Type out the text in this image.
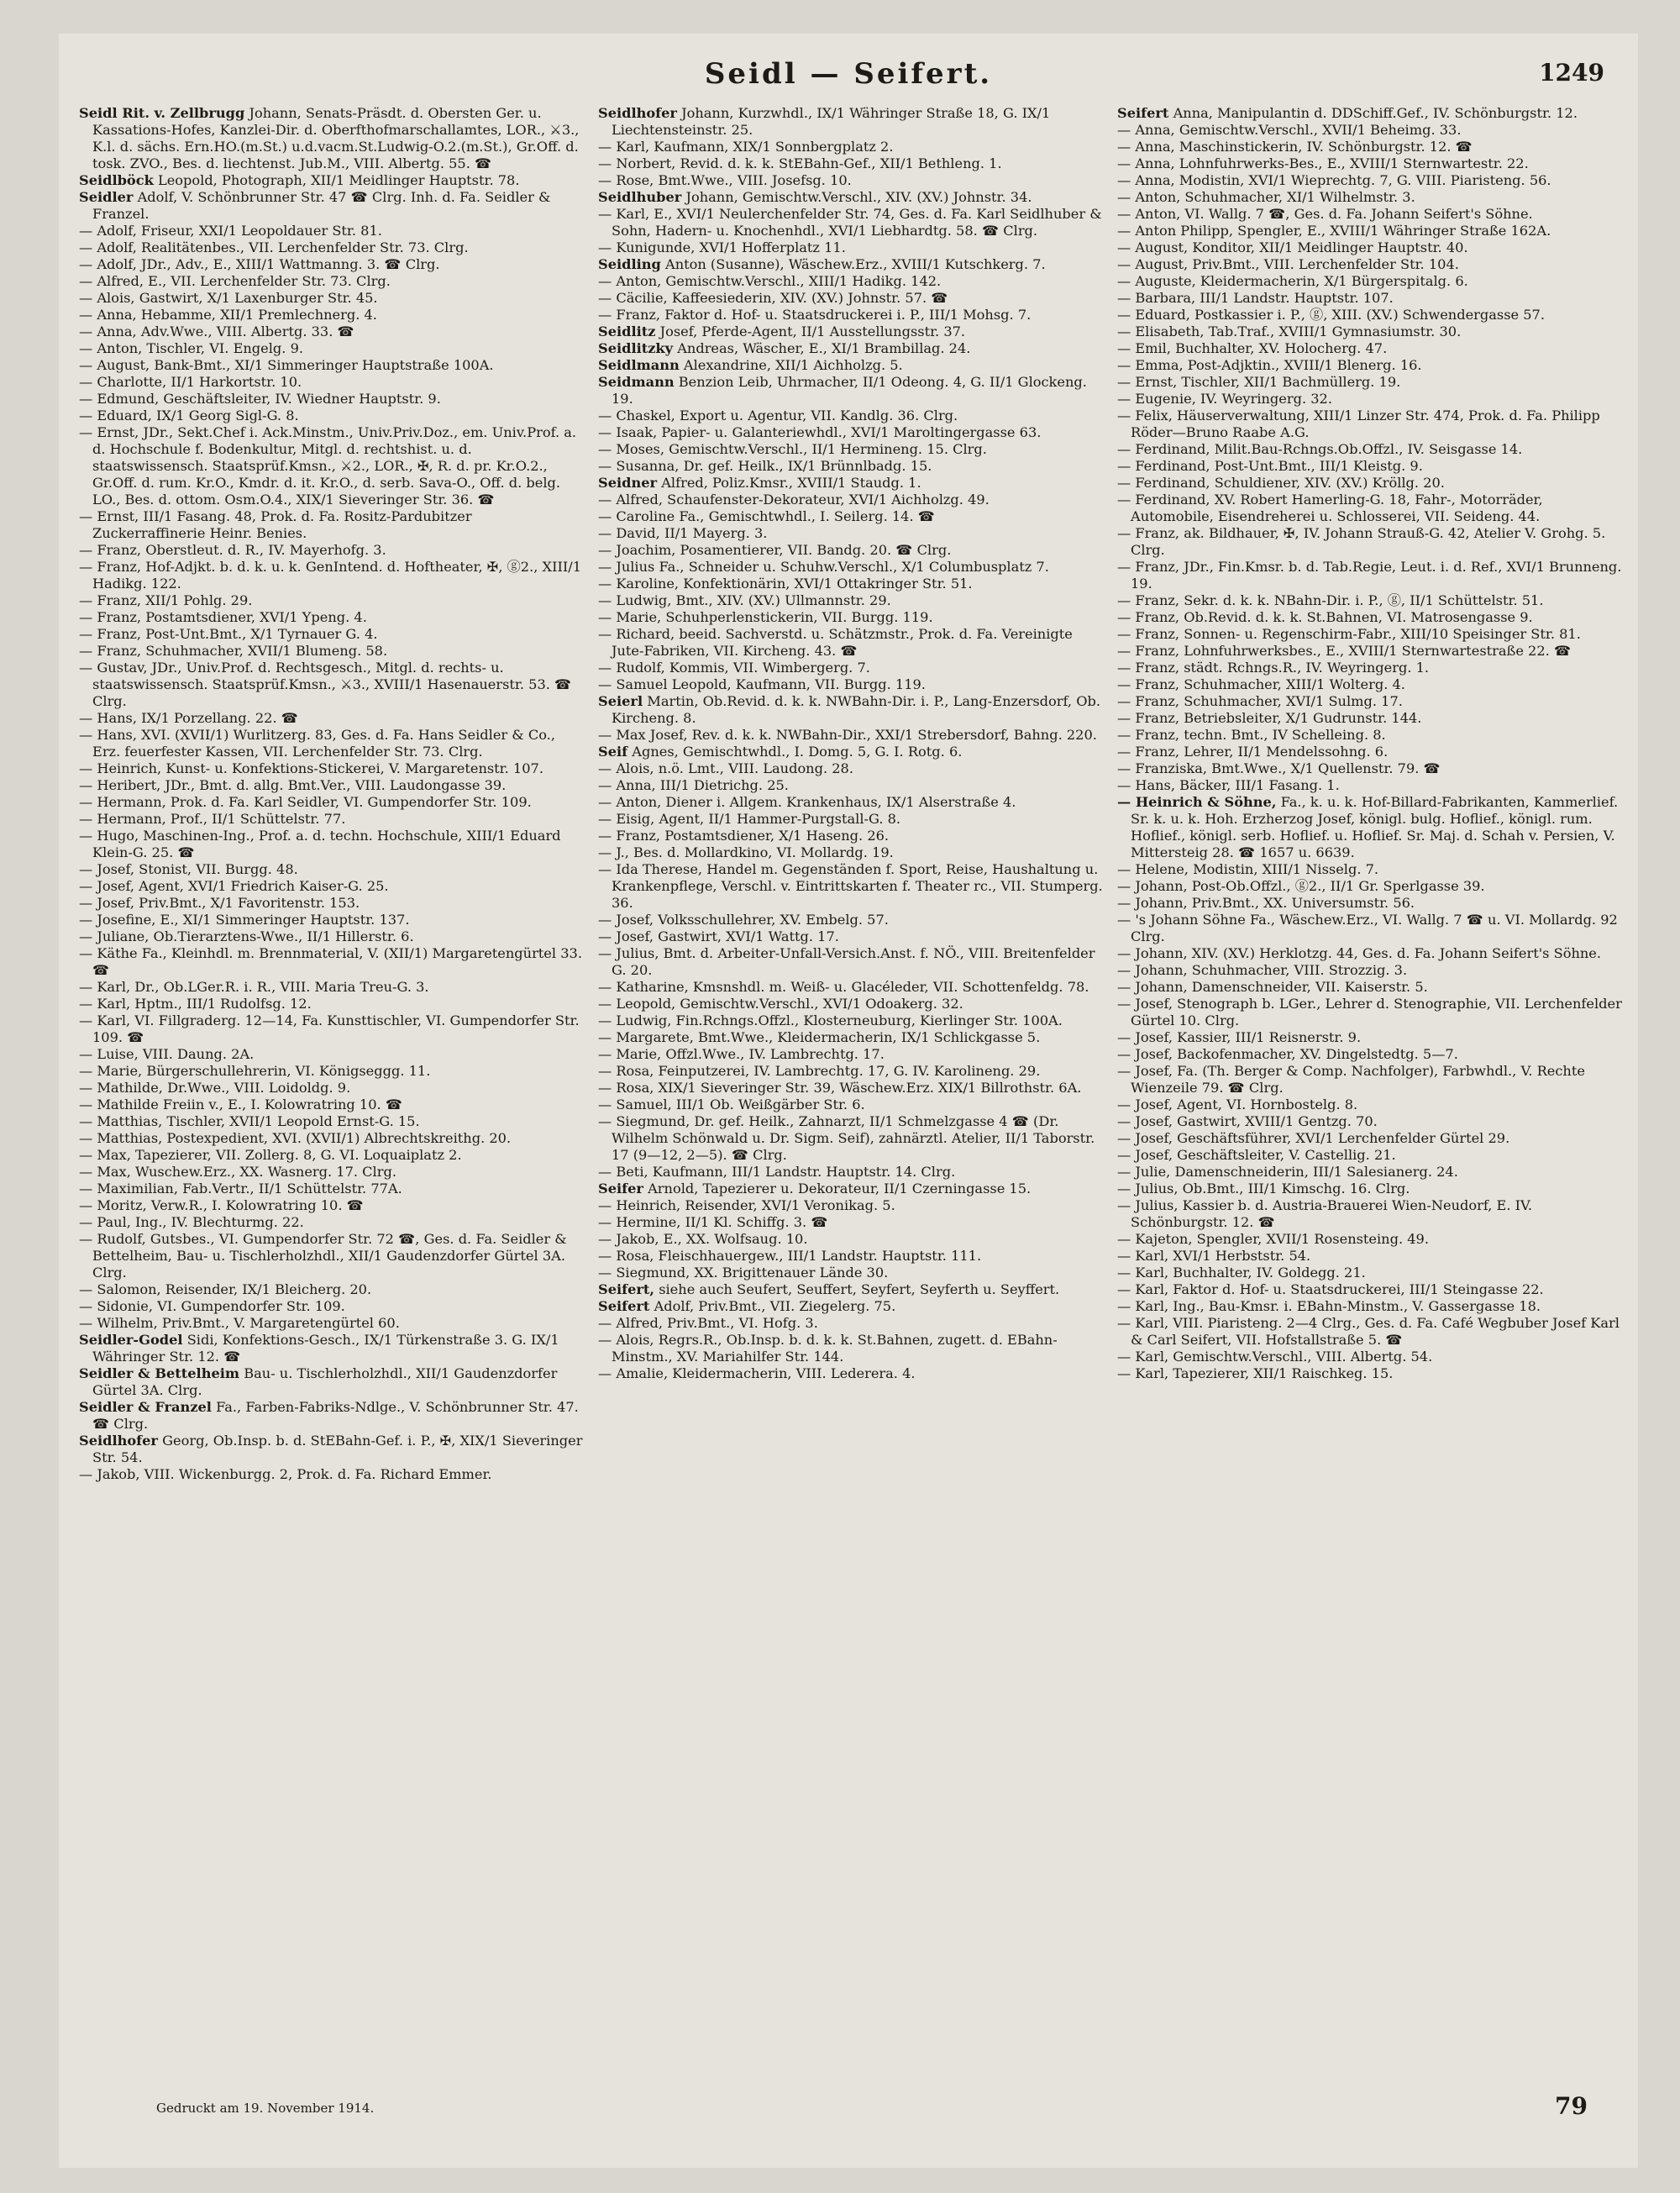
Seidl — Seifert.	1249

Seidl Rit. v. Zellbrugg Johann, Senats-Präsdt. d. Obersten Ger. u. Kassations-Hofes, Kanzlei-Dir. d. Oberfthofmarschallamtes, LOR., ⚔3., K.l. d. sächs. Ern.HO.(m.St.) u.d.vacm.St.Ludwig-O.2.(m.St.), Gr.Off. d. tosk. ZVO., Bes. d. liechtenst. Jub.M., VIII. Albertg. 55. ☎

Seidlböck Leopold, Photograph, XII/1 Meidlinger Hauptstr. 78.

Seidler Adolf, V. Schönbrunner Str. 47 ☎ Clrg. Inh. d. Fa. Seidler & Franzel.

— Adolf, Friseur, XXI/1 Leopoldauer Str. 81.

— Adolf, Realitätenbes., VII. Lerchenfelder Str. 73. Clrg.

— Adolf, JDr., Adv., E., XIII/1 Wattmanng. 3. ☎ Clrg.

— Alfred, E., VII. Lerchenfelder Str. 73. Clrg.

— Alois, Gastwirt, X/1 Laxenburger Str. 45.

— Anna, Hebamme, XII/1 Premlechnerg. 4.

— Anna, Adv.Wwe., VIII. Albertg. 33. ☎

— Anton, Tischler, VI. Engelg. 9.

— August, Bank-Bmt., XI/1 Simmeringer Hauptstraße 100A.

— Charlotte, II/1 Harkortstr. 10.

— Edmund, Geschäftsleiter, IV. Wiedner Hauptstr. 9.

— Eduard, IX/1 Georg Sigl-G. 8.

— Ernst, JDr., Sekt.Chef i. Ack.Minstm., Univ.Priv.Doz., em. Univ.Prof. a. d. Hochschule f. Bodenkultur, Mitgl. d. rechtshist. u. d. staatswissensch. Staatsprüf.Kmsn., ⚔2., LOR., ✠, R. d. pr. Kr.O.2., Gr.Off. d. rum. Kr.O., Kmdr. d. it. Kr.O., d. serb. Sava-O., Off. d. belg. LO., Bes. d. ottom. Osm.O.4., XIX/1 Sieveringer Str. 36. ☎

— Ernst, III/1 Fasang. 48, Prok. d. Fa. Rositz-Pardubitzer Zuckerraffinerie Heinr. Benies.

— Franz, Oberstleut. d. R., IV. Mayerhofg. 3.

— Franz, Hof-Adjkt. b. d. k. u. k. GenIntend. d. Hoftheater, ✠, ⓖ2., XIII/1 Hadikg. 122.

— Franz, XII/1 Pohlg. 29.

— Franz, Postamtsdiener, XVI/1 Ypeng. 4.

— Franz, Post-Unt.Bmt., X/1 Tyrnauer G. 4.

— Franz, Schuhmacher, XVII/1 Blumeng. 58.

— Gustav, JDr., Univ.Prof. d. Rechtsgesch., Mitgl. d. rechts- u. staatswissensch. Staatsprüf.Kmsn., ⚔3., XVIII/1 Hasenauerstr. 53. ☎ Clrg.

— Hans, IX/1 Porzellang. 22. ☎

— Hans, XVI. (XVII/1) Wurlitzerg. 83, Ges. d. Fa. Hans Seidler & Co., Erz. feuerfester Kassen, VII. Lerchenfelder Str. 73. Clrg.

— Heinrich, Kunst- u. Konfektions-Stickerei, V. Margaretenstr. 107.

— Heribert, JDr., Bmt. d. allg. Bmt.Ver., VIII. Laudongasse 39.

— Hermann, Prok. d. Fa. Karl Seidler, VI. Gumpendorfer Str. 109.

— Hermann, Prof., II/1 Schüttelstr. 77.

— Hugo, Maschinen-Ing., Prof. a. d. techn. Hochschule, XIII/1 Eduard Klein-G. 25. ☎

— Josef, Stonist, VII. Burgg. 48.

— Josef, Agent, XVI/1 Friedrich Kaiser-G. 25.

— Josef, Priv.Bmt., X/1 Favoritenstr. 153.

— Josefine, E., XI/1 Simmeringer Hauptstr. 137.

— Juliane, Ob.Tierarztens-Wwe., II/1 Hillerstr. 6.

— Käthe Fa., Kleinhdl. m. Brennmaterial, V. (XII/1) Margaretengürtel 33. ☎

— Karl, Dr., Ob.LGer.R. i. R., VIII. Maria Treu-G. 3.

— Karl, Hptm., III/1 Rudolfsg. 12.

— Karl, VI. Fillgraderg. 12—14, Fa. Kunsttischler, VI. Gumpendorfer Str. 109. ☎

— Luise, VIII. Daung. 2A.

— Marie, Bürgerschullehrerin, VI. Königseggg. 11.

— Mathilde, Dr.Wwe., VIII. Loidoldg. 9.

— Mathilde Freiin v., E., I. Kolowratring 10. ☎

— Matthias, Tischler, XVII/1 Leopold Ernst-G. 15.

— Matthias, Postexpedient, XVI. (XVII/1) Albrechtskreithg. 20.

— Max, Tapezierer, VII. Zollerg. 8, G. VI. Loquaiplatz 2.

— Max, Wuschew.Erz., XX. Wasnerg. 17. Clrg.

— Maximilian, Fab.Vertr., II/1 Schüttelstr. 77A.

— Moritz, Verw.R., I. Kolowratring 10. ☎

— Paul, Ing., IV. Blechturmg. 22.

— Rudolf, Gutsbes., VI. Gumpendorfer Str. 72 ☎, Ges. d. Fa. Seidler & Bettelheim, Bau- u. Tischlerholzhdl., XII/1 Gaudenzdorfer Gürtel 3A. Clrg.

— Salomon, Reisender, IX/1 Bleicherg. 20.

— Sidonie, VI. Gumpendorfer Str. 109.

— Wilhelm, Priv.Bmt., V. Margaretengürtel 60.

Seidler-Godel Sidi, Konfektions-Gesch., IX/1 Türkenstraße 3. G. IX/1 Währinger Str. 12. ☎

Seidler & Bettelheim Bau- u. Tischlerholzhdl., XII/1 Gaudenzdorfer Gürtel 3A. Clrg.

Seidler & Franzel Fa., Farben-Fabriks-Ndlge., V. Schönbrunner Str. 47. ☎ Clrg.

Seidlhofer Georg, Ob.Insp. b. d. StEBahn-Gef. i. P., ✠, XIX/1 Sieveringer Str. 54.

— Jakob, VIII. Wickenburgg. 2, Prok. d. Fa. Richard Emmer.

Seidlhofer Johann, Kurzwhdl., IX/1 Währinger Straße 18, G. IX/1 Liechtensteinstr. 25.

— Karl, Kaufmann, XIX/1 Sonnbergplatz 2.

— Norbert, Revid. d. k. k. StEBahn-Gef., XII/1 Bethleng. 1.

— Rose, Bmt.Wwe., VIII. Josefsg. 10.

Seidlhuber Johann, Gemischtw.Verschl., XIV. (XV.) Johnstr. 34.

— Karl, E., XVI/1 Neulerchenfelder Str. 74, Ges. d. Fa. Karl Seidlhuber & Sohn, Hadern- u. Knochenhdl., XVI/1 Liebhardtg. 58. ☎ Clrg.

— Kunigunde, XVI/1 Hofferplatz 11.

Seidling Anton (Susanne), Wäschew.Erz., XVIII/1 Kutschkerg. 7.

— Anton, Gemischtw.Verschl., XIII/1 Hadikg. 142.

— Cäcilie, Kaffeesiederin, XIV. (XV.) Johnstr. 57. ☎

— Franz, Faktor d. Hof- u. Staatsdruckerei i. P., III/1 Mohsg. 7.

Seidlitz Josef, Pferde-Agent, II/1 Ausstellungsstr. 37.

Seidlitzky Andreas, Wäscher, E., XI/1 Brambillag. 24.

Seidlmann Alexandrine, XII/1 Aichholzg. 5.

Seidmann Benzion Leib, Uhrmacher, II/1 Odeong. 4, G. II/1 Glockeng. 19.

— Chaskel, Export u. Agentur, VII. Kandlg. 36. Clrg.

— Isaak, Papier- u. Galanteriewhdl., XVI/1 Maroltingergasse 63.

— Moses, Gemischtw.Verschl., II/1 Hermineng. 15. Clrg.

— Susanna, Dr. gef. Heilk., IX/1 Brünnlbadg. 15.

Seidner Alfred, Poliz.Kmsr., XVIII/1 Staudg. 1.

— Alfred, Schaufenster-Dekorateur, XVI/1 Aichholzg. 49.

— Caroline Fa., Gemischtwhdl., I. Seilerg. 14. ☎

— David, II/1 Mayerg. 3.

— Joachim, Posamentierer, VII. Bandg. 20. ☎ Clrg.

— Julius Fa., Schneider u. Schuhw.Verschl., X/1 Columbusplatz 7.

— Karoline, Konfektionärin, XVI/1 Ottakringer Str. 51.

— Ludwig, Bmt., XIV. (XV.) Ullmannstr. 29.

— Marie, Schuhperlenstickerin, VII. Burgg. 119.

— Richard, beeid. Sachverstd. u. Schätzmstr., Prok. d. Fa. Vereinigte Jute-Fabriken, VII. Kircheng. 43. ☎

— Rudolf, Kommis, VII. Wimbergerg. 7.

— Samuel Leopold, Kaufmann, VII. Burgg. 119.

Seierl Martin, Ob.Revid. d. k. k. NWBahn-Dir. i. P., Lang-Enzersdorf, Ob. Kircheng. 8.

— Max Josef, Rev. d. k. k. NWBahn-Dir., XXI/1 Strebersdorf, Bahng. 220.

Seif Agnes, Gemischtwhdl., I. Domg. 5, G. I. Rotg. 6.

— Alois, n.ö. Lmt., VIII. Laudong. 28.

— Anna, III/1 Dietrichg. 25.

— Anton, Diener i. Allgem. Krankenhaus, IX/1 Alserstraße 4.

— Eisig, Agent, II/1 Hammer-Purgstall-G. 8.

— Franz, Postamtsdiener, X/1 Haseng. 26.

— J., Bes. d. Mollardkino, VI. Mollardg. 19.

— Ida Therese, Handel m. Gegenständen f. Sport, Reise, Haushaltung u. Krankenpflege, Verschl. v. Eintrittskarten f. Theater rc., VII. Stumperg. 36.

— Josef, Volksschullehrer, XV. Embelg. 57.

— Josef, Gastwirt, XVI/1 Wattg. 17.

— Julius, Bmt. d. Arbeiter-Unfall-Versich.Anst. f. NÖ., VIII. Breitenfelder G. 20.

— Katharine, Kmsnshdl. m. Weiß- u. Glacéleder, VII. Schottenfeldg. 78.

— Leopold, Gemischtw.Verschl., XVI/1 Odoakerg. 32.

— Ludwig, Fin.Rchngs.Offzl., Klosterneuburg, Kierlinger Str. 100A.

— Margarete, Bmt.Wwe., Kleidermacherin, IX/1 Schlickgasse 5.

— Marie, Offzl.Wwe., IV. Lambrechtg. 17.

— Rosa, Feinputzerei, IV. Lambrechtg. 17, G. IV. Karolineng. 29.

— Rosa, XIX/1 Sieveringer Str. 39, Wäschew.Erz. XIX/1 Billrothstr. 6A.

— Samuel, III/1 Ob. Weißgärber Str. 6.

— Siegmund, Dr. gef. Heilk., Zahnarzt, II/1 Schmelzgasse 4 ☎ (Dr. Wilhelm Schönwald u. Dr. Sigm. Seif), zahnärztl. Atelier, II/1 Taborstr. 17 (9—12, 2—5). ☎ Clrg.

— Beti, Kaufmann, III/1 Landstr. Hauptstr. 14. Clrg.

Seifer Arnold, Tapezierer u. Dekorateur, II/1 Czerningasse 15.

— Heinrich, Reisender, XVI/1 Veronikag. 5.

— Hermine, II/1 Kl. Schiffg. 3. ☎

— Jakob, E., XX. Wolfsaug. 10.

— Rosa, Fleischhauergew., III/1 Landstr. Hauptstr. 111.

— Siegmund, XX. Brigittenauer Lände 30.

Seifert, siehe auch Seufert, Seuffert, Seyfert, Seyferth u. Seyffert.

Seifert Adolf, Priv.Bmt., VII. Ziegelerg. 75.

— Alfred, Priv.Bmt., VI. Hofg. 3.

— Alois, Regrs.R., Ob.Insp. b. d. k. k. St.Bahnen, zugett. d. EBahn-Minstm., XV. Mariahilfer Str. 144.

— Amalie, Kleidermacherin, VIII. Lederera. 4.

Seifert Anna, Manipulantin d. DDSchiff.Gef., IV. Schönburgstr. 12.

— Anna, Gemischtw.Verschl., XVII/1 Beheimg. 33.

— Anna, Maschinstickerin, IV. Schönburgstr. 12. ☎

— Anna, Lohnfuhrwerks-Bes., E., XVIII/1 Sternwartestr. 22.

— Anna, Modistin, XVI/1 Wieprechtg. 7, G. VIII. Piaristeng. 56.

— Anton, Schuhmacher, XI/1 Wilhelmstr. 3.

— Anton, VI. Wallg. 7 ☎, Ges. d. Fa. Johann Seifert's Söhne.

— Anton Philipp, Spengler, E., XVIII/1 Währinger Straße 162A.

— August, Konditor, XII/1 Meidlinger Hauptstr. 40.

— August, Priv.Bmt., VIII. Lerchenfelder Str. 104.

— Auguste, Kleidermacherin, X/1 Bürgerspitalg. 6.

— Barbara, III/1 Landstr. Hauptstr. 107.

— Eduard, Postkassier i. P., ⓖ, XIII. (XV.) Schwendergasse 57.

— Elisabeth, Tab.Traf., XVIII/1 Gymnasiumstr. 30.

— Emil, Buchhalter, XV. Holocherg. 47.

— Emma, Post-Adjktin., XVIII/1 Blenerg. 16.

— Ernst, Tischler, XII/1 Bachmüllerg. 19.

— Eugenie, IV. Weyringerg. 32.

— Felix, Häuserverwaltung, XIII/1 Linzer Str. 474, Prok. d. Fa. Philipp Röder—Bruno Raabe A.G.

— Ferdinand, Milit.Bau-Rchngs.Ob.Offzl., IV. Seisgasse 14.

— Ferdinand, Post-Unt.Bmt., III/1 Kleistg. 9.

— Ferdinand, Schuldiener, XIV. (XV.) Kröllg. 20.

— Ferdinand, XV. Robert Hamerling-G. 18, Fahr-, Motorräder, Automobile, Eisendreherei u. Schlosserei, VII. Seideng. 44.

— Franz, ak. Bildhauer, ✠, IV. Johann Strauß-G. 42, Atelier V. Grohg. 5. Clrg.

— Franz, JDr., Fin.Kmsr. b. d. Tab.Regie, Leut. i. d. Ref., XVI/1 Brunneng. 19.

— Franz, Sekr. d. k. k. NBahn-Dir. i. P., ⓖ, II/1 Schüttelstr. 51.

— Franz, Ob.Revid. d. k. k. St.Bahnen, VI. Matrosengasse 9.

— Franz, Sonnen- u. Regenschirm-Fabr., XIII/10 Speisinger Str. 81.

— Franz, Lohnfuhrwerksbes., E., XVIII/1 Sternwartestraße 22. ☎

— Franz, städt. Rchngs.R., IV. Weyringerg. 1.

— Franz, Schuhmacher, XIII/1 Wolterg. 4.

— Franz, Schuhmacher, XVI/1 Sulmg. 17.

— Franz, Betriebsleiter, X/1 Gudrunstr. 144.

— Franz, techn. Bmt., IV Schelleing. 8.

— Franz, Lehrer, II/1 Mendelssohng. 6.

— Franziska, Bmt.Wwe., X/1 Quellenstr. 79. ☎

— Hans, Bäcker, III/1 Fasang. 1.

— Heinrich & Söhne, Fa., k. u. k. Hof-Billard-Fabrikanten, Kammerlief. Sr. k. u. k. Hoh. Erzherzog Josef, königl. bulg. Hoflief., königl. rum. Hoflief., königl. serb. Hoflief. u. Hoflief. Sr. Maj. d. Schah v. Persien, V. Mittersteig 28. ☎ 1657 u. 6639.

— Helene, Modistin, XIII/1 Nisselg. 7.

— Johann, Post-Ob.Offzl., ⓖ2., II/1 Gr. Sperlgasse 39.

— Johann, Priv.Bmt., XX. Universumstr. 56.

— 's Johann Söhne Fa., Wäschew.Erz., VI. Wallg. 7 ☎ u. VI. Mollardg. 92 Clrg.

— Johann, XIV. (XV.) Herklotzg. 44, Ges. d. Fa. Johann Seifert's Söhne.

— Johann, Schuhmacher, VIII. Strozzig. 3.

— Johann, Damenschneider, VII. Kaiserstr. 5.

— Josef, Stenograph b. LGer., Lehrer d. Stenographie, VII. Lerchenfelder Gürtel 10. Clrg.

— Josef, Kassier, III/1 Reisnerstr. 9.

— Josef, Backofenmacher, XV. Dingelstedtg. 5—7.

— Josef, Fa. (Th. Berger & Comp. Nachfolger), Farbwhdl., V. Rechte Wienzeile 79. ☎ Clrg.

— Josef, Agent, VI. Hornbostelg. 8.

— Josef, Gastwirt, XVIII/1 Gentzg. 70.

— Josef, Geschäftsführer, XVI/1 Lerchenfelder Gürtel 29.

— Josef, Geschäftsleiter, V. Castellig. 21.

— Julie, Damenschneiderin, III/1 Salesianerg. 24.

— Julius, Ob.Bmt., III/1 Kimschg. 16. Clrg.

— Julius, Kassier b. d. Austria-Brauerei Wien-Neudorf, E. IV. Schönburgstr. 12. ☎

— Kajeton, Spengler, XVII/1 Rosensteing. 49.

— Karl, XVI/1 Herbststr. 54.

— Karl, Buchhalter, IV. Goldegg. 21.

— Karl, Faktor d. Hof- u. Staatsdruckerei, III/1 Steingasse 22.

— Karl, Ing., Bau-Kmsr. i. EBahn-Minstm., V. Gassergasse 18.

— Karl, VIII. Piaristeng. 2—4 Clrg., Ges. d. Fa. Café Wegbuber Josef Karl & Carl Seifert, VII. Hofstallstraße 5. ☎

— Karl, Gemischtw.Verschl., VIII. Albertg. 54.

— Karl, Tapezierer, XII/1 Raischkeg. 15.

Gedruckt am 19. November 1914.	79
